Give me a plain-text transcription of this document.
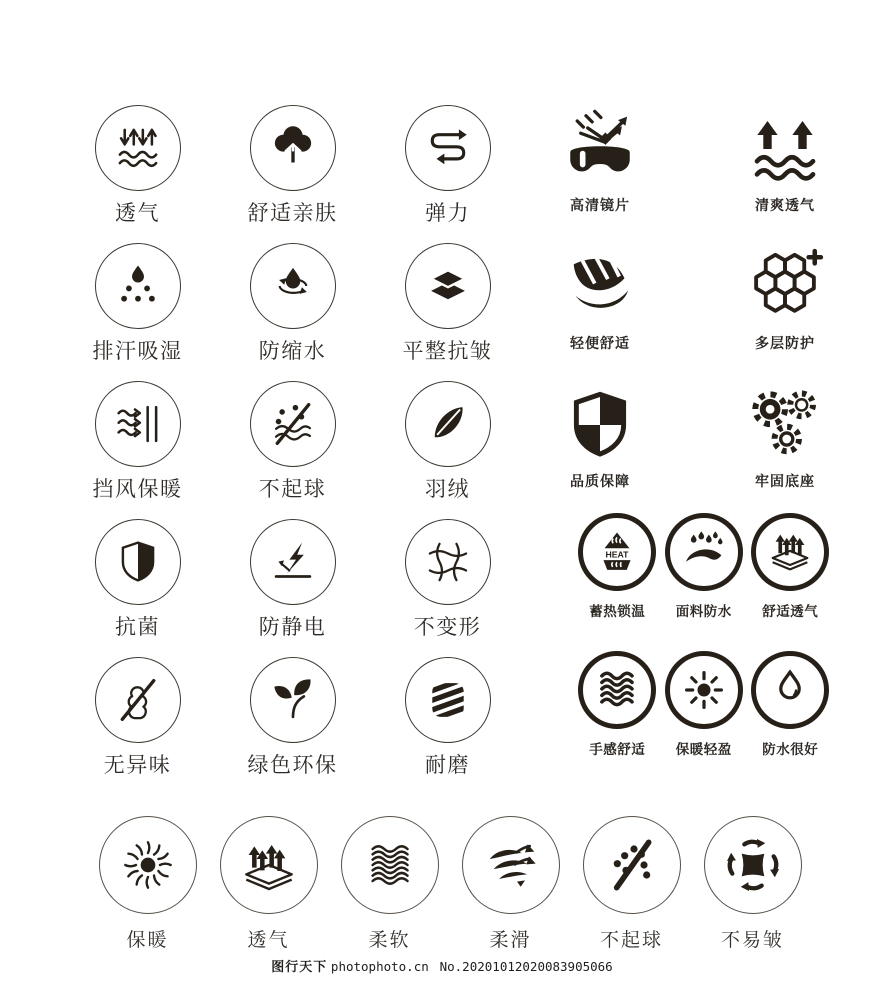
透气	舒适亲肤	弹力
排汗吸湿	防缩水	平整抗皱
挡风保暖	不起球	羽绒
抗菌	防静电	不变形
无异味	绿色环保	耐磨
高清镜片	清爽透气
轻便舒适	多层防护
品质保障	牢固底座
HEAT
蓄热锁温 面料防水 舒适透气
手感舒适 保暖轻盈 防水很好
保暖	透气	柔软	柔滑	不起球	不易皱
图行天下 photophoto.cn No.20201012020083905066
